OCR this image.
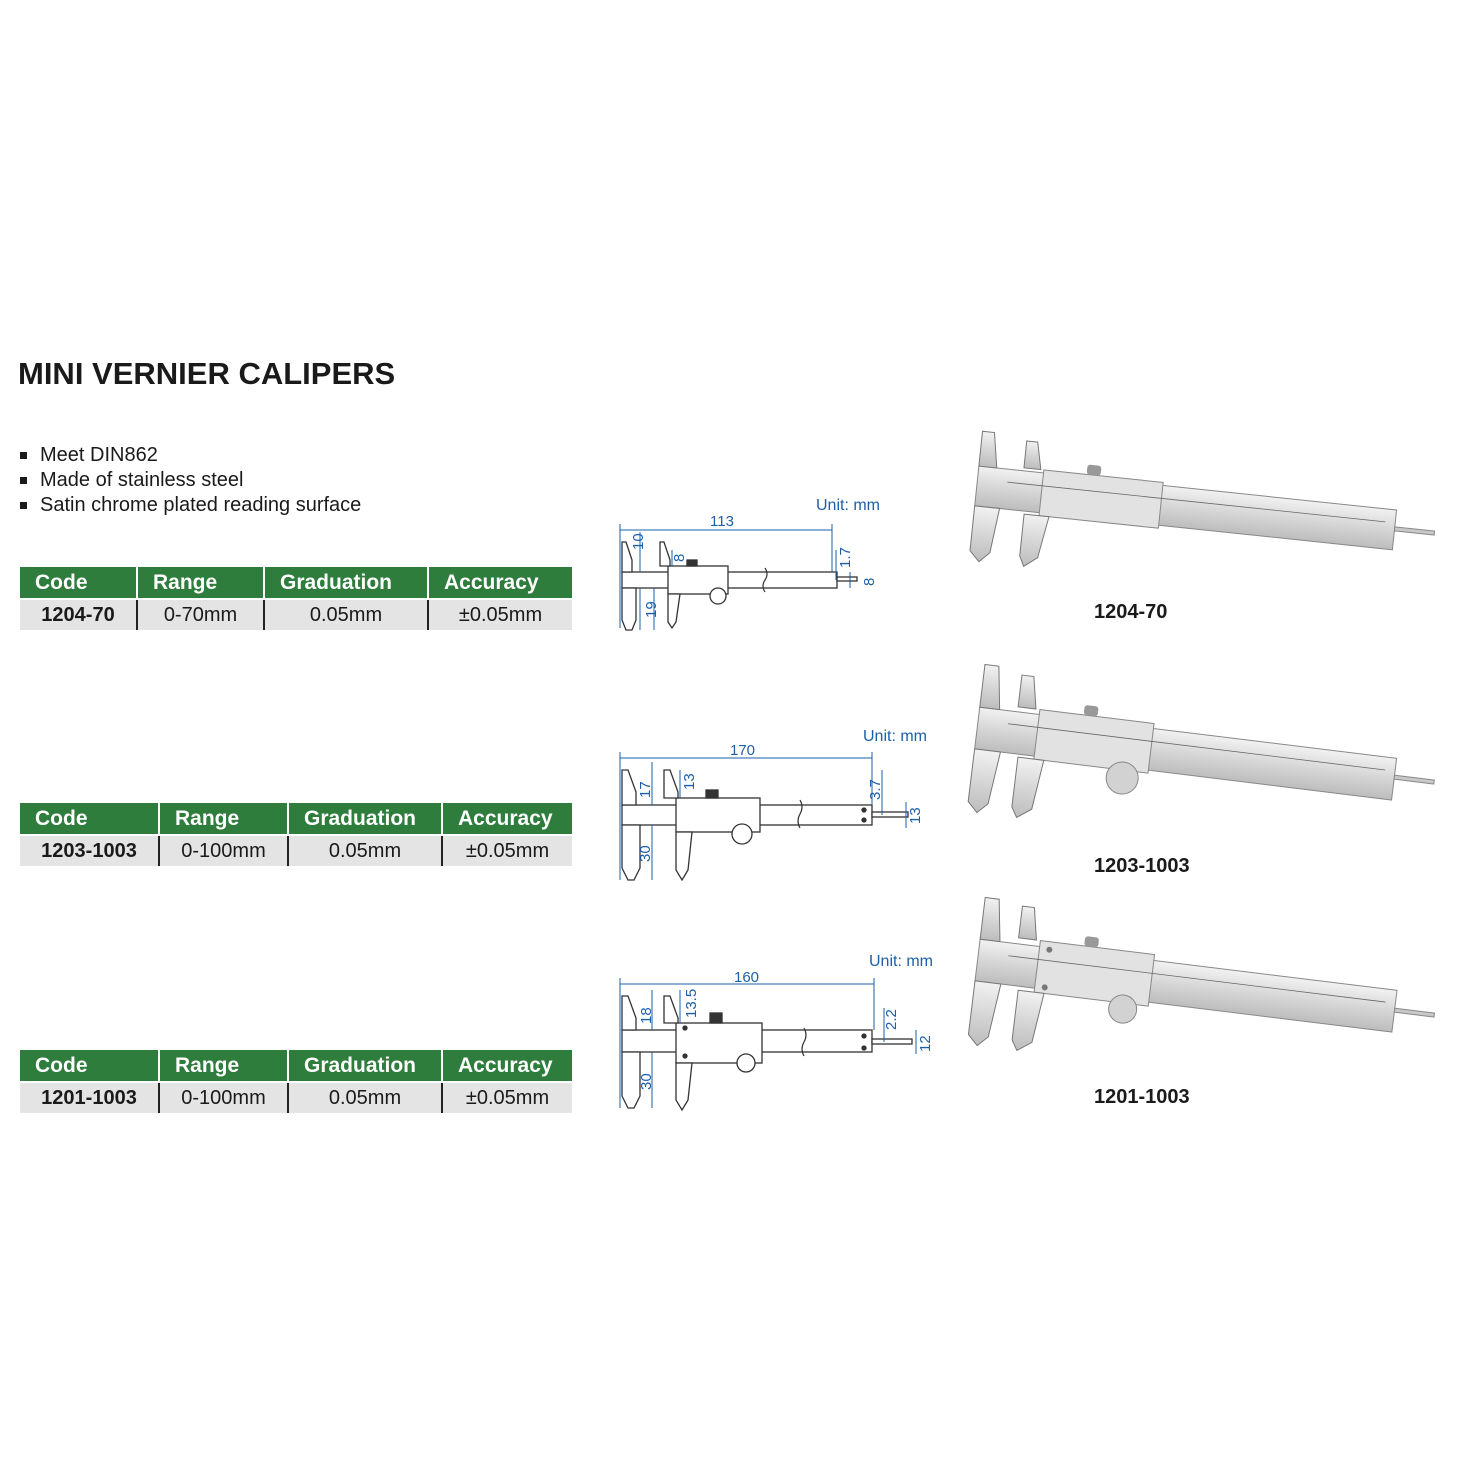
MINI VERNIER CALIPERS
Meet DIN862
Made of stainless steel
Satin chrome plated reading surface
Code	Range	Graduation	Accuracy
1204-70	0-70mm	0.05mm	±0.05mm
Code	Range	Graduation	Accuracy
1203-1003	0-100mm	0.05mm	±0.05mm
Code	Range	Graduation	Accuracy
1201-1003	0-100mm	0.05mm	±0.05mm
Unit: mm
113
10
19
8	1.7
8
1204-70
Unit: mm
170
17
30
13	3.7
13
1203-1003
Unit: mm
160
18
30
13.5
2.2
12
1201-1003
